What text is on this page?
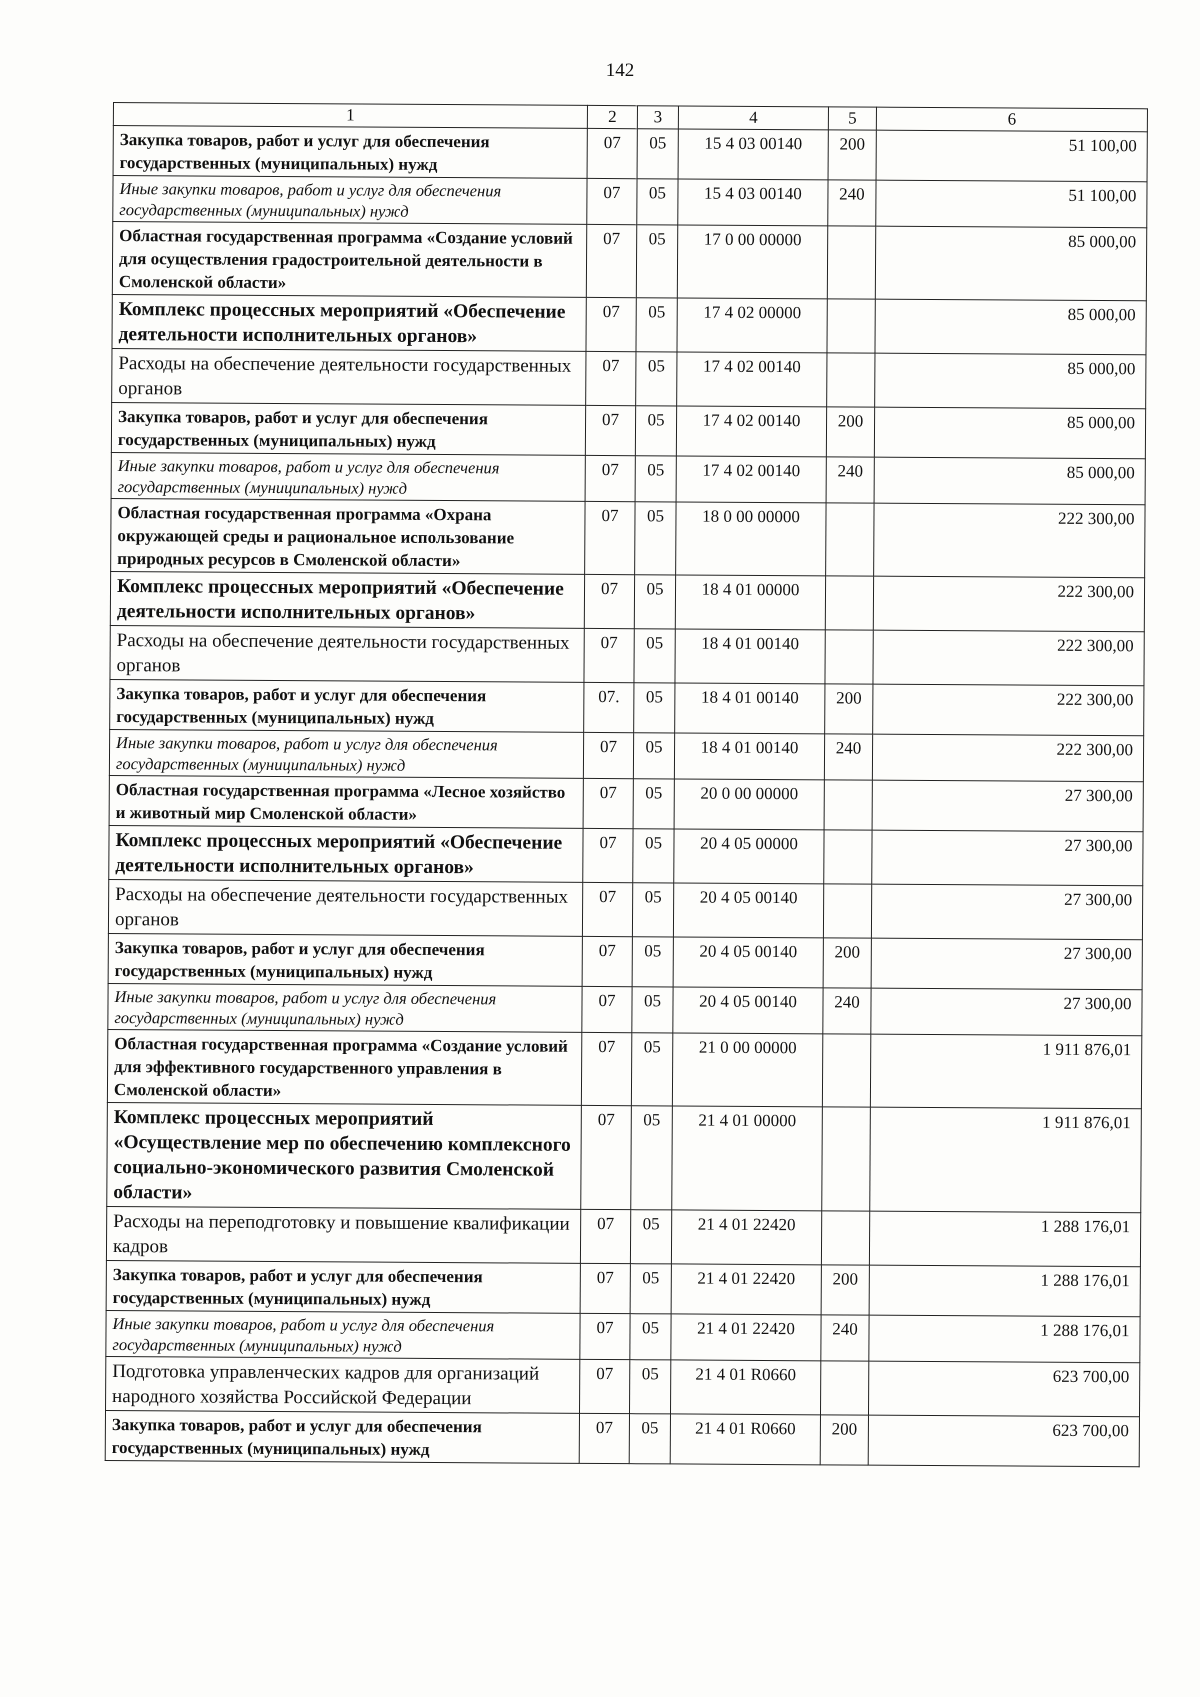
142
1	2	3	4	5	6
Закупка товаров, работ и услуг для обеспечения государственных (муниципальных) нужд	07	05	15 4 03 00140	200	51 100,00
Иные закупки товаров, работ и услуг для обеспечения государственных (муниципальных) нужд	07	05	15 4 03 00140	240	51 100,00
Областная государственная программа «Создание условий для осуществления градостроительной деятельности в Смоленской области»	07	05	17 0 00 00000		85 000,00
Комплекс процессных мероприятий «Обеспечение деятельности исполнительных органов»	07	05	17 4 02 00000		85 000,00
Расходы на обеспечение деятельности государственных органов	07	05	17 4 02 00140		85 000,00
Закупка товаров, работ и услуг для обеспечения государственных (муниципальных) нужд	07	05	17 4 02 00140	200	85 000,00
Иные закупки товаров, работ и услуг для обеспечения государственных (муниципальных) нужд	07	05	17 4 02 00140	240	85 000,00
Областная государственная программа «Охрана окружающей среды и рациональное использование природных ресурсов в Смоленской области»	07	05	18 0 00 00000		222 300,00
Комплекс процессных мероприятий «Обеспечение деятельности исполнительных органов»	07	05	18 4 01 00000		222 300,00
Расходы на обеспечение деятельности государственных органов	07	05	18 4 01 00140		222 300,00
Закупка товаров, работ и услуг для обеспечения государственных (муниципальных) нужд	07.	05	18 4 01 00140	200	222 300,00
Иные закупки товаров, работ и услуг для обеспечения государственных (муниципальных) нужд	07	05	18 4 01 00140	240	222 300,00
Областная государственная программа «Лесное хозяйство и животный мир Смоленской области»	07	05	20 0 00 00000		27 300,00
Комплекс процессных мероприятий «Обеспечение деятельности исполнительных органов»	07	05	20 4 05 00000		27 300,00
Расходы на обеспечение деятельности государственных органов	07	05	20 4 05 00140		27 300,00
Закупка товаров, работ и услуг для обеспечения государственных (муниципальных) нужд	07	05	20 4 05 00140	200	27 300,00
Иные закупки товаров, работ и услуг для обеспечения государственных (муниципальных) нужд	07	05	20 4 05 00140	240	27 300,00
Областная государственная программа «Создание условий для эффективного государственного управления в Смоленской области»	07	05	21 0 00 00000		1 911 876,01
Комплекс процессных мероприятий «Осуществление мер по обеспечению комплексного социально-экономического развития Смоленской области»	07	05	21 4 01 00000		1 911 876,01
Расходы на переподготовку и повышение квалификации кадров	07	05	21 4 01 22420		1 288 176,01
Закупка товаров, работ и услуг для обеспечения государственных (муниципальных) нужд	07	05	21 4 01 22420	200	1 288 176,01
Иные закупки товаров, работ и услуг для обеспечения государственных (муниципальных) нужд	07	05	21 4 01 22420	240	1 288 176,01
Подготовка управленческих кадров для организаций народного хозяйства Российской Федерации	07	05	21 4 01 R0660		623 700,00
Закупка товаров, работ и услуг для обеспечения государственных (муниципальных) нужд	07	05	21 4 01 R0660	200	623 700,00
